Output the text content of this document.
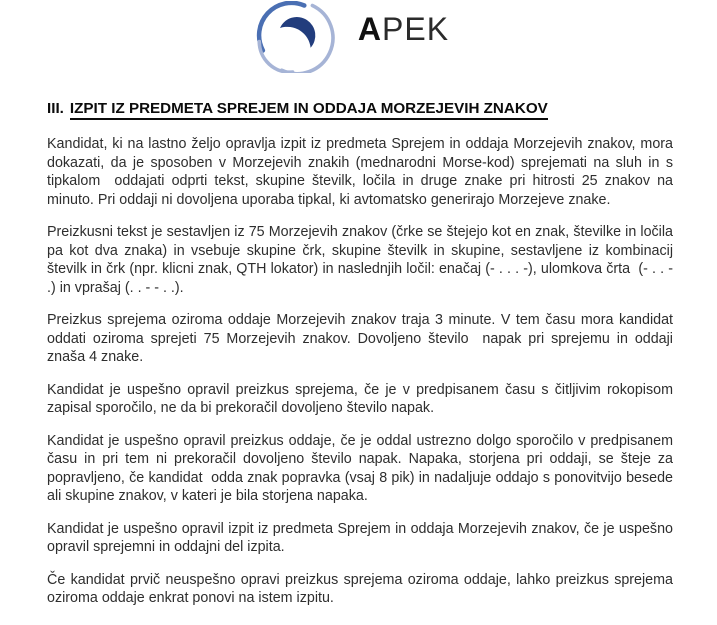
APEK
III. IZPIT IZ PREDMETA SPREJEM IN ODDAJA MORZEJEVIH ZNAKOV

Kandidat, ki na lastno željo opravlja izpit iz predmeta Sprejem in oddaja Morzejevih znakov, mora dokazati, da je sposoben v Morzejevih znakih (mednarodni Morse-kod) sprejemati na sluh in s tipkalom  oddajati odprti tekst, skupine številk, ločila in druge znake pri hitrosti 25 znakov na minuto. Pri oddaji ni dovoljena uporaba tipkal, ki avtomatsko generirajo Morzejeve znake.

Preizkusni tekst je sestavljen iz 75 Morzejevih znakov (črke se štejejo kot en znak, številke in ločila pa kot dva znaka) in vsebuje skupine črk, skupine številk in skupine, sestavljene iz kombinacij številk in črk (npr. klicni znak, QTH lokator) in naslednjih ločil: enačaj (- . . . -), ulomkova črta  (- . . - .) in vprašaj (. . - - . .).

Preizkus sprejema oziroma oddaje Morzejevih znakov traja 3 minute. V tem času mora kandidat oddati oziroma sprejeti 75 Morzejevih znakov. Dovoljeno število  napak pri sprejemu in oddaji znaša 4 znake.

Kandidat je uspešno opravil preizkus sprejema, če je v predpisanem času s čitljivim rokopisom zapisal sporočilo, ne da bi prekoračil dovoljeno število napak.

Kandidat je uspešno opravil preizkus oddaje, če je oddal ustrezno dolgo sporočilo v predpisanem času in pri tem ni prekoračil dovoljeno število napak. Napaka, storjena pri oddaji, se šteje za popravljeno, če kandidat  odda znak popravka (vsaj 8 pik) in nadaljuje oddajo s ponovitvijo besede ali skupine znakov, v kateri je bila storjena napaka.

Kandidat je uspešno opravil izpit iz predmeta Sprejem in oddaja Morzejevih znakov, če je uspešno opravil sprejemni in oddajni del izpita.

Če kandidat prvič neuspešno opravi preizkus sprejema oziroma oddaje, lahko preizkus sprejema oziroma oddaje enkrat ponovi na istem izpitu.
